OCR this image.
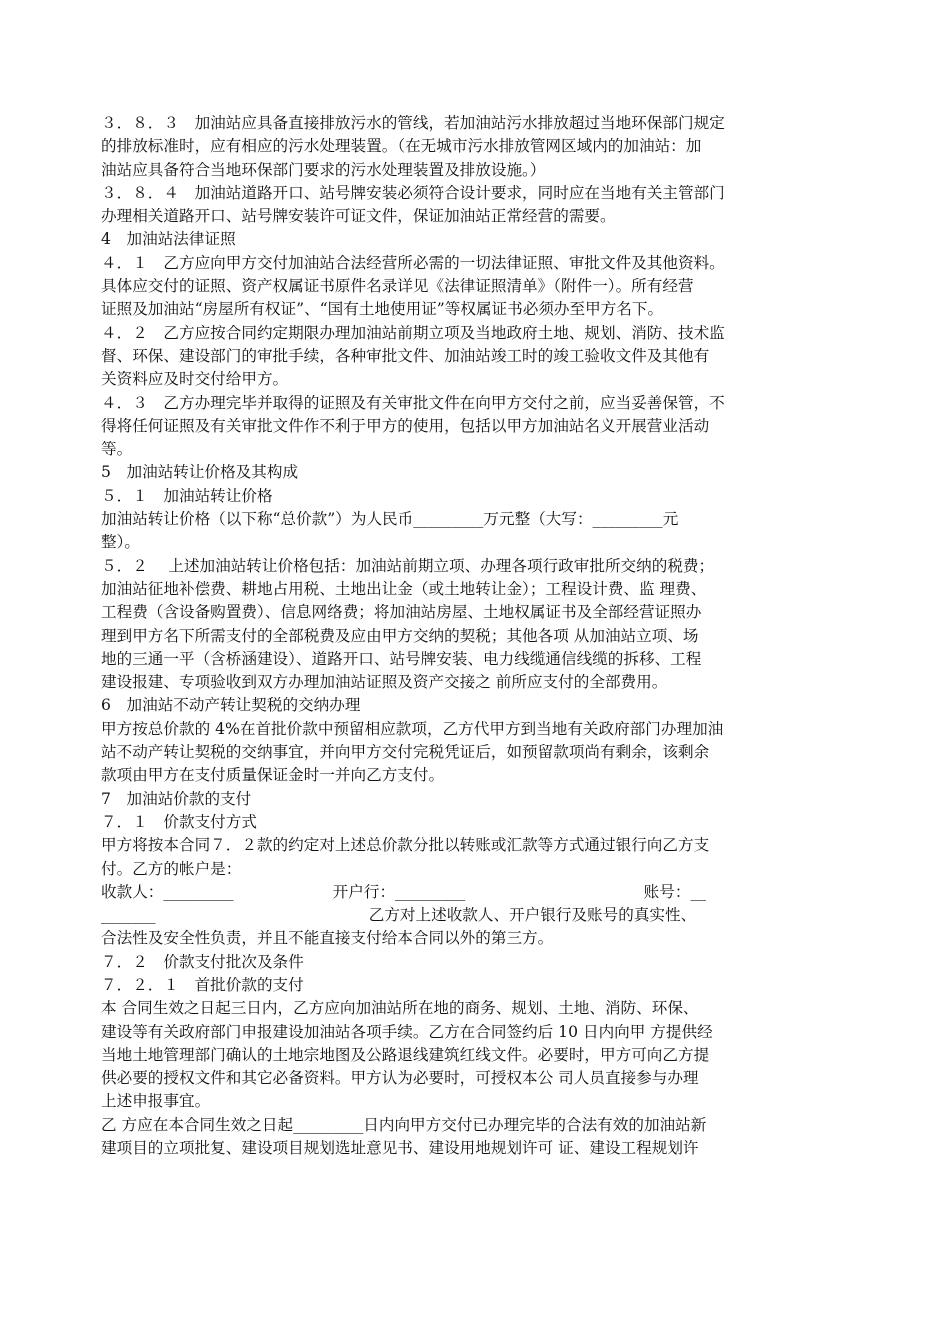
３．８．３　加油站应具备直接排放污水的管线，若加油站污水排放超过当地环保部门规定
的排放标准时，应有相应的污水处理装置。（在无城市污水排放管网区域内的加油站：加
油站应具备符合当地环保部门要求的污水处理装置及排放设施。）
３．８．４　加油站道路开口、站号牌安装必须符合设计要求，同时应在当地有关主管部门
办理相关道路开口、站号牌安装许可证文件，保证加油站正常经营的需要。
4　加油站法律证照
４．１　乙方应向甲方交付加油站合法经营所必需的一切法律证照、审批文件及其他资料。
具体应交付的证照、资产权属证书原件名录详见《法律证照清单》（附件一）。所有经营
证照及加油站“房屋所有权证”、“国有土地使用证”等权属证书必须办至甲方名下。
４．２　乙方应按合同约定期限办理加油站前期立项及当地政府土地、规划、消防、技术监
督、环保、建设部门的审批手续，各种审批文件、加油站竣工时的竣工验收文件及其他有
关资料应及时交付给甲方。
４．３　乙方办理完毕并取得的证照及有关审批文件在向甲方交付之前，应当妥善保管，不
得将任何证照及有关审批文件作不利于甲方的使用，包括以甲方加油站名义开展营业活动
等。
5　加油站转让价格及其构成
５．１　加油站转让价格
加油站转让价格（以下称“总价款”）为人民币_________万元整（大写：_________元
整）。
５．２　 上述加油站转让价格包括：加油站前期立项、办理各项行政审批所交纳的税费；
加油站征地补偿费、耕地占用税、土地出让金（或土地转让金）；工程设计费、监 理费、
工程费（含设备购置费）、信息网络费；将加油站房屋、土地权属证书及全部经营证照办
理到甲方名下所需支付的全部税费及应由甲方交纳的契税；其他各项 从加油站立项、场
地的三通一平（含桥涵建设）、道路开口、站号牌安装、电力线缆通信线缆的拆移、工程
建设报建、专项验收到双方办理加油站证照及资产交接之 前所应支付的全部费用。
6　加油站不动产转让契税的交纳办理
甲方按总价款的 4%在首批价款中预留相应款项，乙方代甲方到当地有关政府部门办理加油
站不动产转让契税的交纳事宜，并向甲方交付完税凭证后，如预留款项尚有剩余，该剩余
款项由甲方在支付质量保证金时一并向乙方支付。
7　加油站价款的支付
７．１　价款支付方式
甲方将按本合同７．２款的约定对上述总价款分批以转账或汇款等方式通过银行向乙方支
付。乙方的帐户是：
收款人：_________                    开户行：_________                                    账号：__
_______                                           乙方对上述收款人、开户银行及账号的真实性、
合法性及安全性负责，并且不能直接支付给本合同以外的第三方。
７．２　价款支付批次及条件
７．２．１　首批价款的支付
本 合同生效之日起三日内，乙方应向加油站所在地的商务、规划、土地、消防、环保、
建设等有关政府部门申报建设加油站各项手续。乙方在合同签约后 10 日内向甲 方提供经
当地土地管理部门确认的土地宗地图及公路退线建筑红线文件。必要时，甲方可向乙方提
供必要的授权文件和其它必备资料。甲方认为必要时，可授权本公 司人员直接参与办理
上述申报事宜。
乙 方应在本合同生效之日起_________日内向甲方交付已办理完毕的合法有效的加油站新
建项目的立项批复、建设项目规划选址意见书、建设用地规划许可 证、建设工程规划许
